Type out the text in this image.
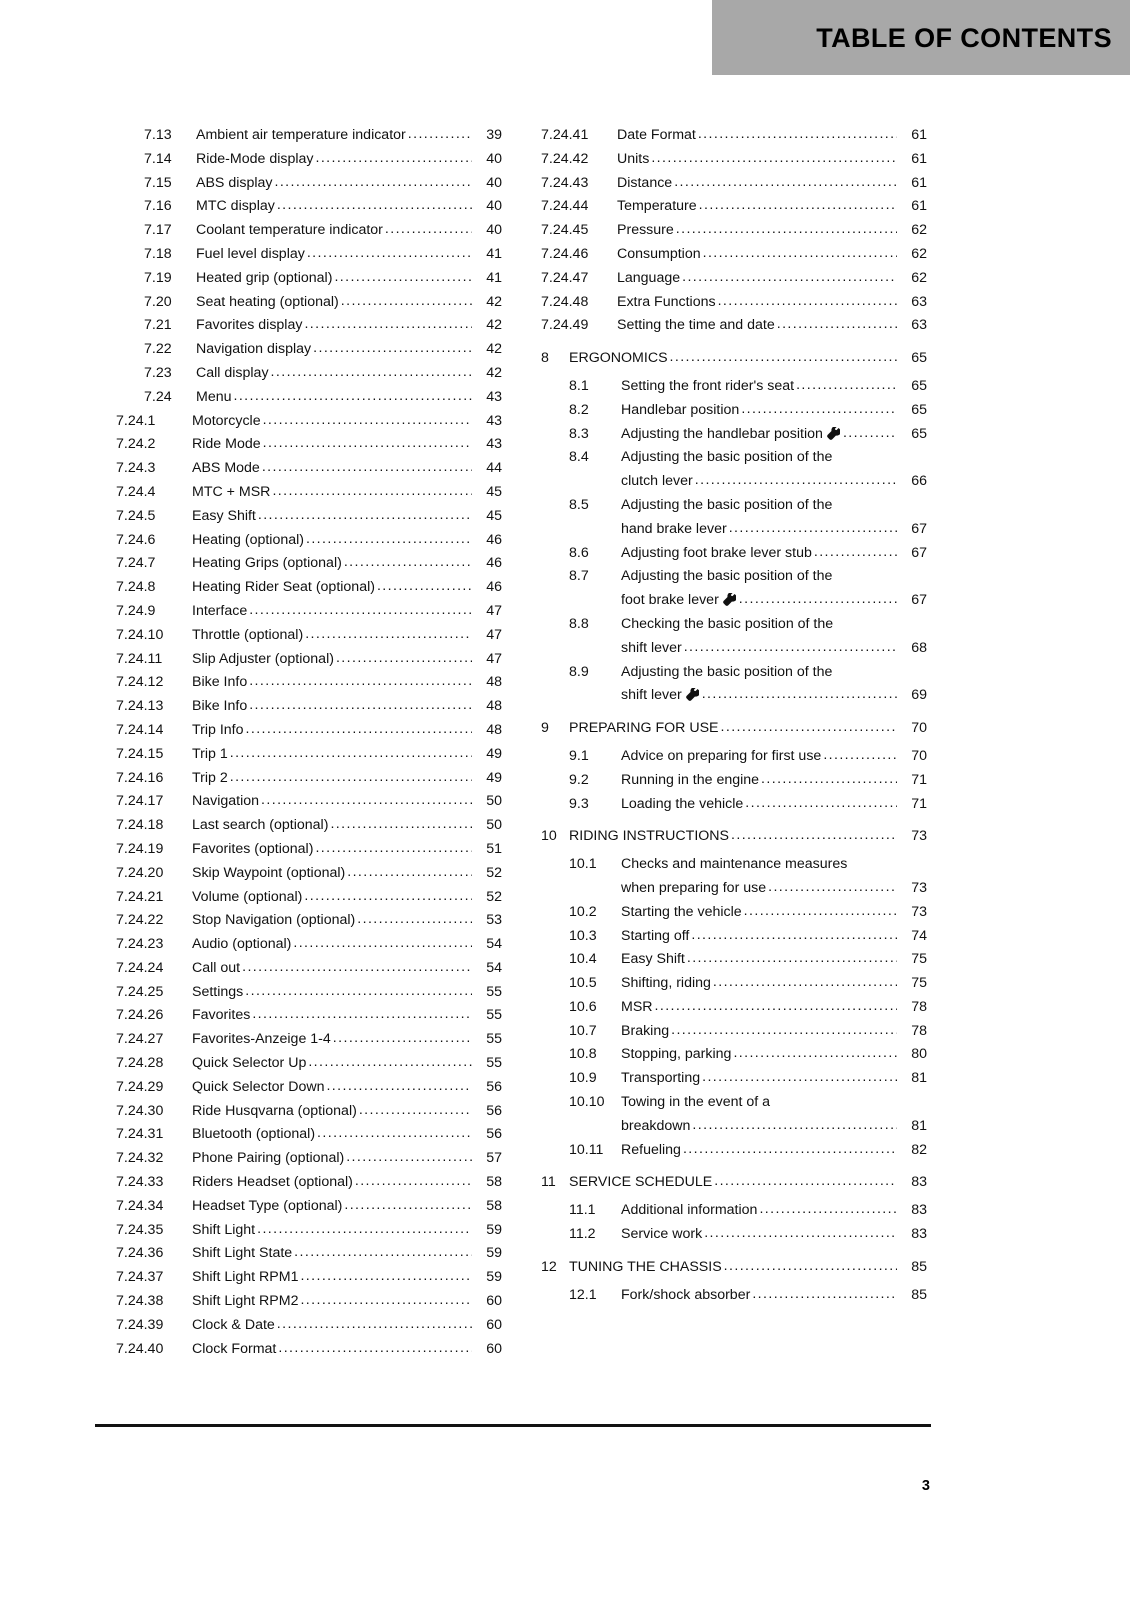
TABLE OF CONTENTS
7.13	Ambient air temperature indicator .....	39
7.14	Ride-Mode display .....	40
7.15	ABS display .....	40
7.16	MTC display .....	40
7.17	Coolant temperature indicator .....	40
7.18	Fuel level display .....	41
7.19	Heated grip (optional) .....	41
7.20	Seat heating (optional) .....	42
7.21	Favorites display .....	42
7.22	Navigation display .....	42
7.23	Call display .....	42
7.24	Menu .....	43
7.24.1	Motorcycle .....	43
7.24.2	Ride Mode .....	43
7.24.3	ABS Mode .....	44
7.24.4	MTC + MSR .....	45
7.24.5	Easy Shift .....	45
7.24.6	Heating (optional) .....	46
7.24.7	Heating Grips (optional) .....	46
7.24.8	Heating Rider Seat (optional) .....	46
7.24.9	Interface .....	47
7.24.10	Throttle (optional) .....	47
7.24.11	Slip Adjuster (optional) .....	47
7.24.12	Bike Info .....	48
7.24.13	Bike Info .....	48
7.24.14	Trip Info .....	48
7.24.15	Trip 1 .....	49
7.24.16	Trip 2 .....	49
7.24.17	Navigation .....	50
7.24.18	Last search (optional) .....	50
7.24.19	Favorites (optional) .....	51
7.24.20	Skip Waypoint (optional) .....	52
7.24.21	Volume (optional) .....	52
7.24.22	Stop Navigation (optional) .....	53
7.24.23	Audio (optional) .....	54
7.24.24	Call out .....	54
7.24.25	Settings .....	55
7.24.26	Favorites .....	55
7.24.27	Favorites-Anzeige 1-4 .....	55
7.24.28	Quick Selector Up .....	55
7.24.29	Quick Selector Down .....	56
7.24.30	Ride Husqvarna (optional) .....	56
7.24.31	Bluetooth (optional) .....	56
7.24.32	Phone Pairing (optional) .....	57
7.24.33	Riders Headset (optional) .....	58
7.24.34	Headset Type (optional) .....	58
7.24.35	Shift Light .....	59
7.24.36	Shift Light State .....	59
7.24.37	Shift Light RPM1 .....	59
7.24.38	Shift Light RPM2 .....	60
7.24.39	Clock & Date .....	60
7.24.40	Clock Format .....	60
7.24.41	Date Format .....	61
7.24.42	Units .....	61
7.24.43	Distance .....	61
7.24.44	Temperature .....	61
7.24.45	Pressure .....	62
7.24.46	Consumption .....	62
7.24.47	Language .....	62
7.24.48	Extra Functions .....	63
7.24.49	Setting the time and date .....	63
8	ERGONOMICS .....	65
8.1	Setting the front rider's seat .....	65
8.2	Handlebar position .....	65
8.3	Adjusting the handlebar position .....	65
8.4	Adjusting the basic position of the
clutch lever .....	66
8.5	Adjusting the basic position of the
hand brake lever .....	67
8.6	Adjusting foot brake lever stub .....	67
8.7	Adjusting the basic position of the
foot brake lever .....	67
8.8	Checking the basic position of the
shift lever .....	68
8.9	Adjusting the basic position of the
shift lever .....	69
9	PREPARING FOR USE .....	70
9.1	Advice on preparing for first use .....	70
9.2	Running in the engine .....	71
9.3	Loading the vehicle .....	71
10 RIDING INSTRUCTIONS .....	73
10.1	Checks and maintenance measures
when preparing for use .....	73
10.2	Starting the vehicle .....	73
10.3	Starting off .....	74
10.4	Easy Shift .....	75
10.5	Shifting, riding .....	75
10.6	MSR .....	78
10.7	Braking .....	78
10.8	Stopping, parking .....	80
10.9	Transporting .....	81
10.10	Towing in the event of a
breakdown .....	81
10.11	Refueling .....	82
11 SERVICE SCHEDULE .....	83
11.1	Additional information .....	83
11.2	Service work .....	83
12 TUNING THE CHASSIS .....	85
12.1	Fork/shock absorber .....	85
3
